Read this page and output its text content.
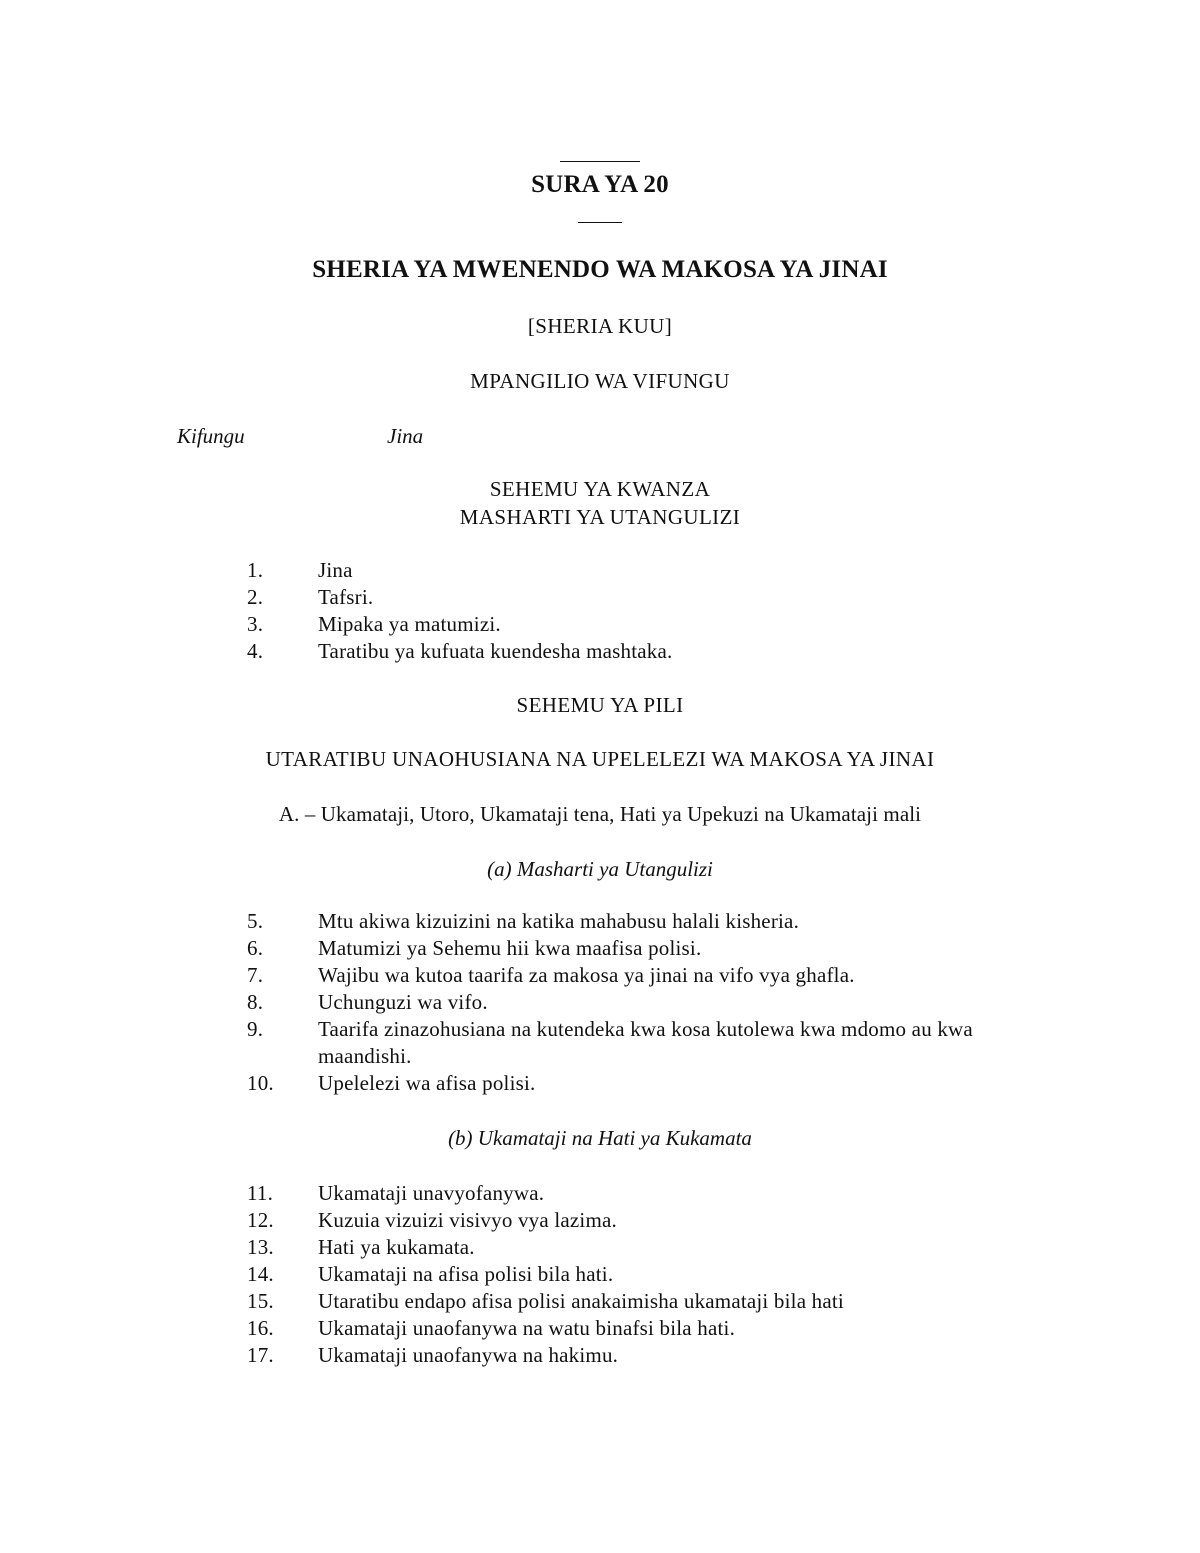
SURA YA 20
SHERIA YA MWENENDO WA MAKOSA YA JINAI
[SHERIA KUU]
MPANGILIO WA VIFUNGU
Kifungu	Jina
SEHEMU YA KWANZA
MASHARTI YA UTANGULIZI
1.	Jina
2.	Tafsri.
3.	Mipaka ya matumizi.
4.	Taratibu ya kufuata kuendesha mashtaka.
SEHEMU YA PILI
UTARATIBU UNAOHUSIANA NA UPELELEZI WA MAKOSA YA JINAI
A. – Ukamataji, Utoro, Ukamataji tena, Hati ya Upekuzi na Ukamataji mali
(a) Masharti ya Utangulizi
5.	Mtu akiwa kizuizini na katika mahabusu halali kisheria.
6.	Matumizi ya Sehemu hii kwa maafisa polisi.
7.	Wajibu wa kutoa taarifa za makosa ya jinai na vifo vya ghafla.
8.	Uchunguzi wa vifo.
9.	Taarifa zinazohusiana na kutendeka kwa kosa kutolewa kwa mdomo au kwa maandishi.
10. Upelelezi wa afisa polisi.
(b) Ukamataji na Hati ya Kukamata
11. Ukamataji unavyofanywa.
12. Kuzuia vizuizi visivyo vya lazima.
13. Hati ya kukamata.
14. Ukamataji na afisa polisi bila hati.
15. Utaratibu endapo afisa polisi anakaimisha ukamataji bila hati
16. Ukamataji unaofanywa na watu binafsi bila hati.
17. Ukamataji unaofanywa na hakimu.
